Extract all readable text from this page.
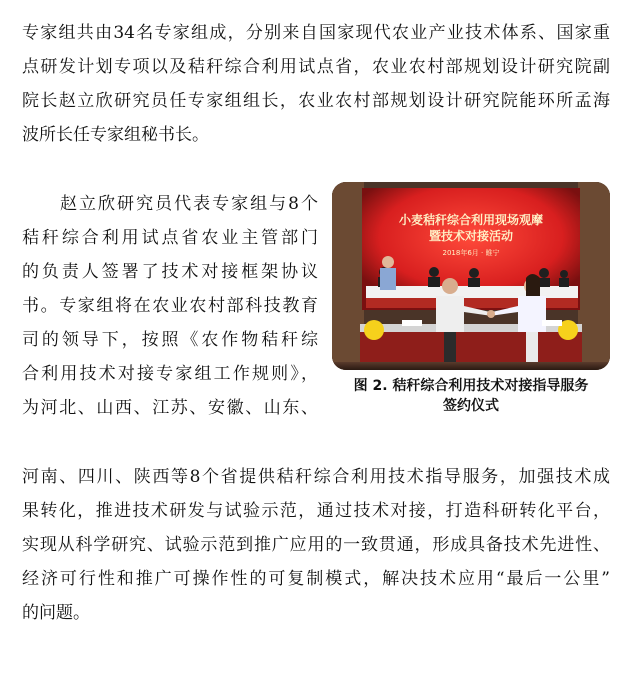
专家组共由34名专家组成，分别来自国家现代农业产业技术体系、国家重
点研发计划专项以及秸秆综合利用试点省，农业农村部规划设计研究院副
院长赵立欣研究员任专家组组长，农业农村部规划设计研究院能环所孟海
波所长任专家组秘书长。
　　赵立欣研究员代表专家组与8个
秸秆综合利用试点省农业主管部门
的负责人签署了技术对接框架协议
书。专家组将在农业农村部科技教育
司的领导下，按照《农作物秸秆综
合利用技术对接专家组工作规则》，
为河北、山西、江苏、安徽、山东、
河南、四川、陕西等8个省提供秸秆综合利用技术指导服务，加强技术成
果转化，推进技术研发与试验示范，通过技术对接，打造科研转化平台，
实现从科学研究、试验示范到推广应用的一致贯通，形成具备技术先进性、
经济可行性和推广可操作性的可复制模式，解决技术应用“最后一公里”
的问题。
小麦秸秆综合利用现场观摩
暨技术对接活动
2018年6月 · 睢宁
图 2. 秸秆综合利用技术对接指导服务
签约仪式
